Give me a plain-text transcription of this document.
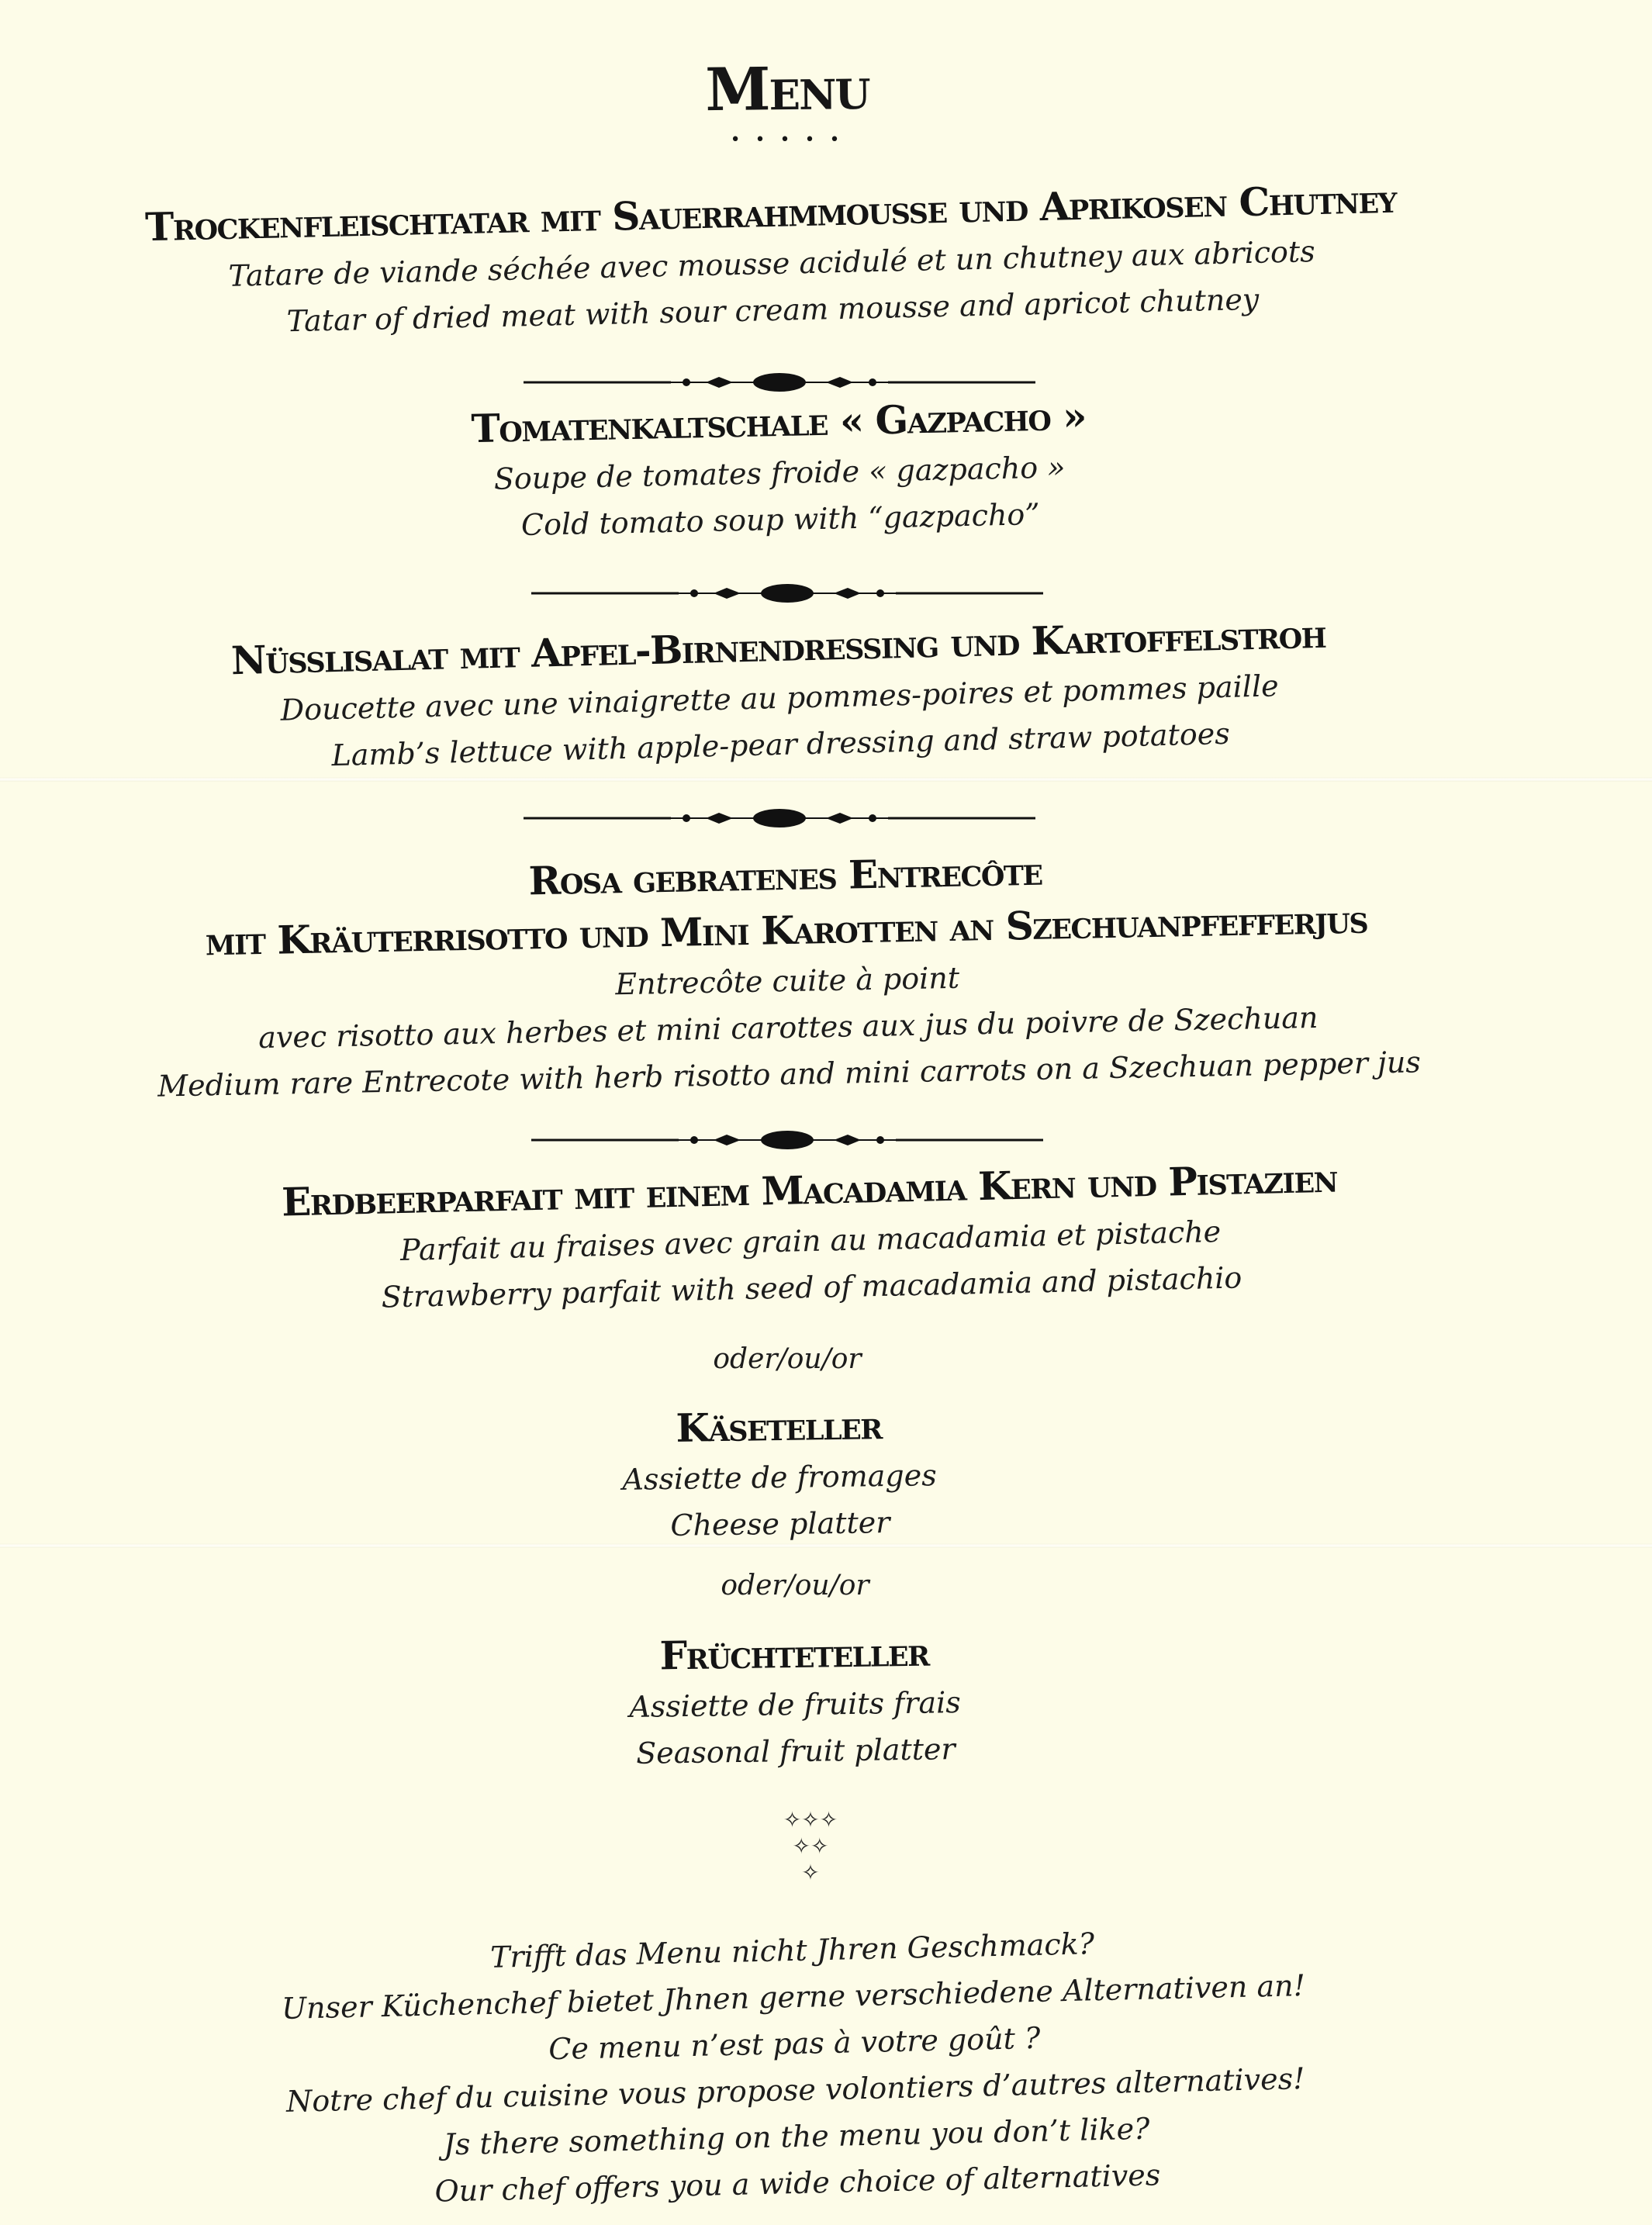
Menu
• • • • •
Trockenfleischtatar mit Sauerrahmmousse und Aprikosen Chutney
Tatare de viande séchée avec mousse acidulé et un chutney aux abricots
Tatar of dried meat with sour cream mousse and apricot chutney
Tomatenkaltschale « Gazpacho »
Soupe de tomates froide « gazpacho »
Cold tomato soup with “gazpacho”
Nüsslisalat mit Apfel-Birnendressing und Kartoffelstroh
Doucette avec une vinaigrette au pommes-poires et pommes paille
Lamb’s lettuce with apple-pear dressing and straw potatoes
Rosa gebratenes Entrecôte
mit Kräuterrisotto und Mini Karotten an Szechuanpfefferjus
Entrecôte cuite à point
avec risotto aux herbes et mini carottes aux jus du poivre de Szechuan
Medium rare Entrecote with herb risotto and mini carrots on a Szechuan pepper jus
Erdbeerparfait mit einem Macadamia Kern und Pistazien
Parfait au fraises avec grain au macadamia et pistache
Strawberry parfait with seed of macadamia and pistachio
oder/ou/or
Käseteller
Assiette de fromages
Cheese platter
oder/ou/or
Früchteteller
Assiette de fruits frais
Seasonal fruit platter
✧✧✧
✧✧
✧
Trifft das Menu nicht Jhren Geschmack?
Unser Küchenchef bietet Jhnen gerne verschiedene Alternativen an!
Ce menu n’est pas à votre goût ?
Notre chef du cuisine vous propose volontiers d’autres alternatives!
Js there something on the menu you don’t like?
Our chef offers you a wide choice of alternatives
